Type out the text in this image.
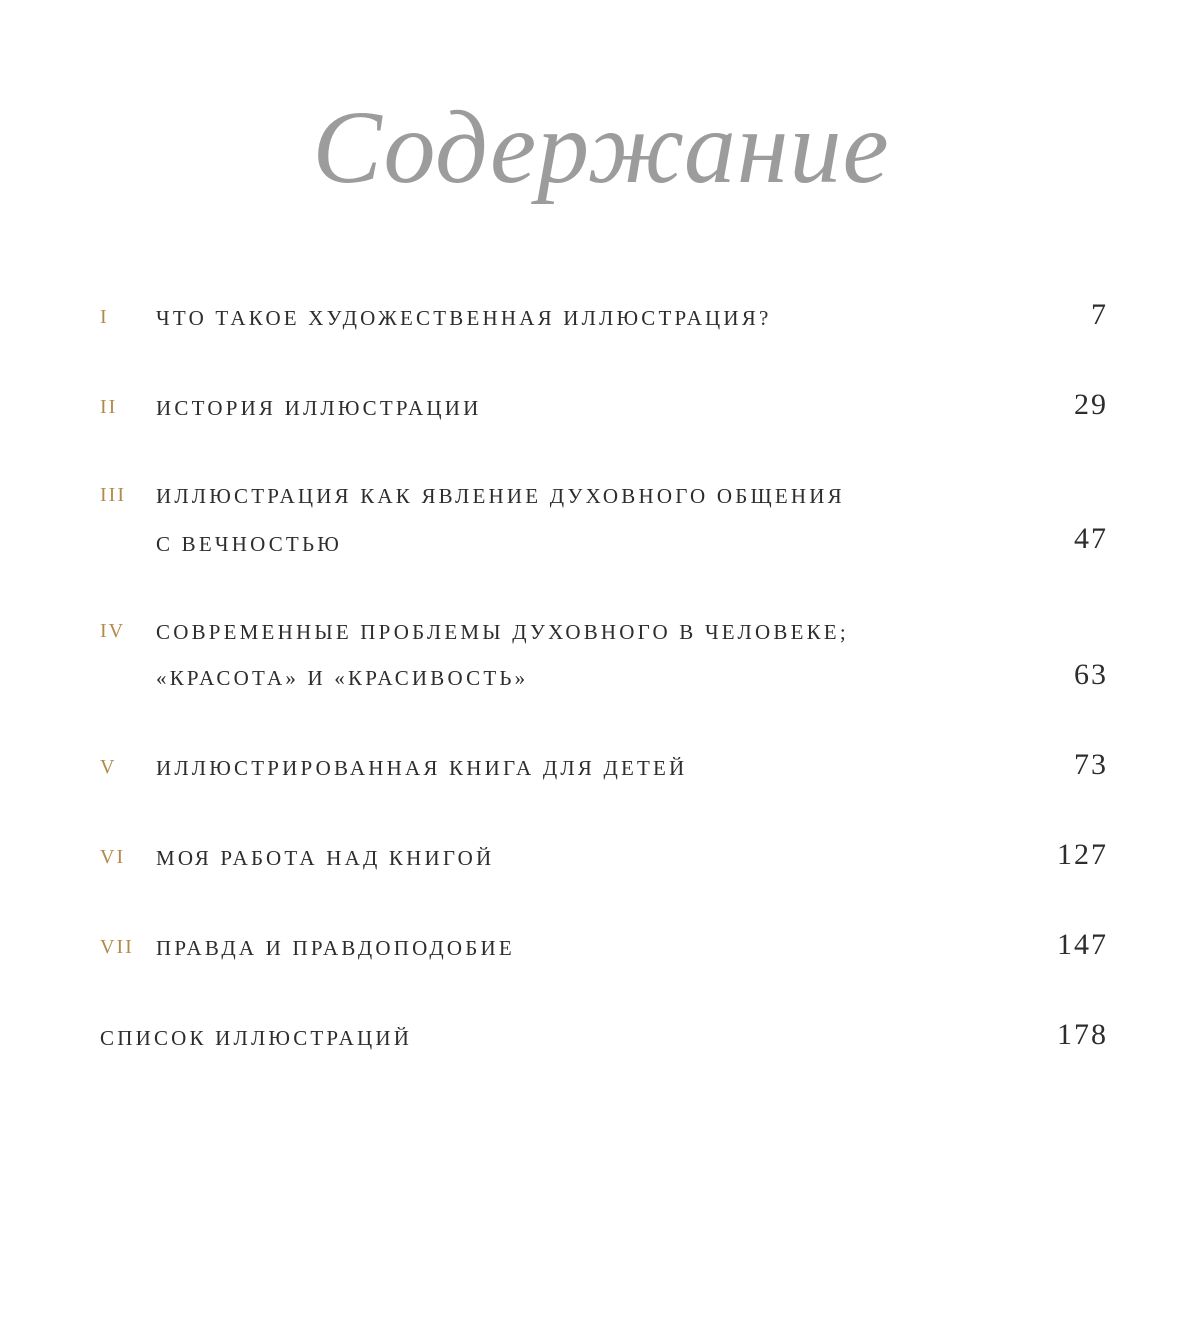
Содержание
I ЧТО ТАКОЕ ХУДОЖЕСТВЕННАЯ ИЛЛЮСТРАЦИЯ?	7
II ИСТОРИЯ ИЛЛЮСТРАЦИИ	29
III ИЛЛЮСТРАЦИЯ КАК ЯВЛЕНИЕ ДУХОВНОГО ОБЩЕНИЯ
С ВЕЧНОСТЬЮ	47
IV СОВРЕМЕННЫЕ ПРОБЛЕМЫ ДУХОВНОГО В ЧЕЛОВЕКЕ;
«КРАСОТА» И «КРАСИВОСТЬ»	63
V ИЛЛЮСТРИРОВАННАЯ КНИГА ДЛЯ ДЕТЕЙ	73
VI МОЯ РАБОТА НАД КНИГОЙ	127
VII ПРАВДА И ПРАВДОПОДОБИЕ	147
СПИСОК ИЛЛЮСТРАЦИЙ	178
